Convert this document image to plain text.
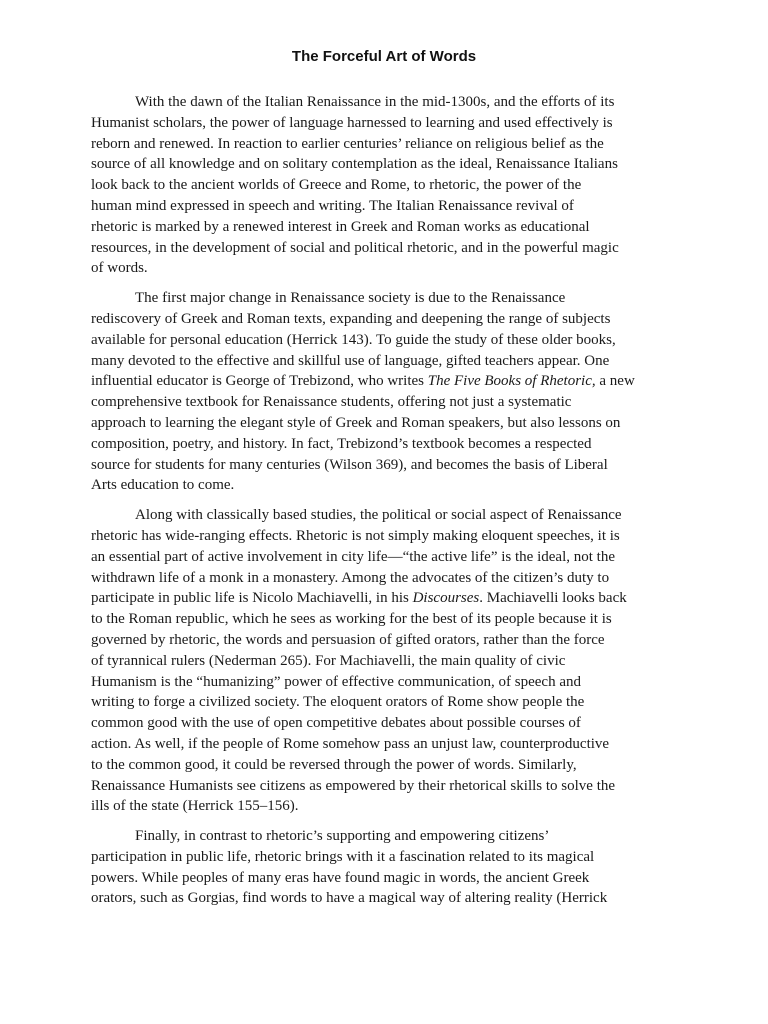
The Forceful Art of Words
With the dawn of the Italian Renaissance in the mid-1300s, and the efforts of its
Humanist scholars, the power of language harnessed to learning and used effectively is
reborn and renewed. In reaction to earlier centuries’ reliance on religious belief as the
source of all knowledge and on solitary contemplation as the ideal, Renaissance Italians
look back to the ancient worlds of Greece and Rome, to rhetoric, the power of the
human mind expressed in speech and writing. The Italian Renaissance revival of
rhetoric is marked by a renewed interest in Greek and Roman works as educational
resources, in the development of social and political rhetoric, and in the powerful magic
of words.
The first major change in Renaissance society is due to the Renaissance
rediscovery of Greek and Roman texts, expanding and deepening the range of subjects
available for personal education (Herrick 143). To guide the study of these older books,
many devoted to the effective and skillful use of language, gifted teachers appear. One
influential educator is George of Trebizond, who writes The Five Books of Rhetoric, a new
comprehensive textbook for Renaissance students, offering not just a systematic
approach to learning the elegant style of Greek and Roman speakers, but also lessons on
composition, poetry, and history. In fact, Trebizond’s textbook becomes a respected
source for students for many centuries (Wilson 369), and becomes the basis of Liberal
Arts education to come.
Along with classically based studies, the political or social aspect of Renaissance
rhetoric has wide-ranging effects. Rhetoric is not simply making eloquent speeches, it is
an essential part of active involvement in city life—“the active life” is the ideal, not the
withdrawn life of a monk in a monastery. Among the advocates of the citizen’s duty to
participate in public life is Nicolo Machiavelli, in his Discourses. Machiavelli looks back
to the Roman republic, which he sees as working for the best of its people because it is
governed by rhetoric, the words and persuasion of gifted orators, rather than the force
of tyrannical rulers (Nederman 265). For Machiavelli, the main quality of civic
Humanism is the “humanizing” power of effective communication, of speech and
writing to forge a civilized society. The eloquent orators of Rome show people the
common good with the use of open competitive debates about possible courses of
action. As well, if the people of Rome somehow pass an unjust law, counterproductive
to the common good, it could be reversed through the power of words. Similarly,
Renaissance Humanists see citizens as empowered by their rhetorical skills to solve the
ills of the state (Herrick 155–156).
Finally, in contrast to rhetoric’s supporting and empowering citizens’
participation in public life, rhetoric brings with it a fascination related to its magical
powers. While peoples of many eras have found magic in words, the ancient Greek
orators, such as Gorgias, find words to have a magical way of altering reality (Herrick
